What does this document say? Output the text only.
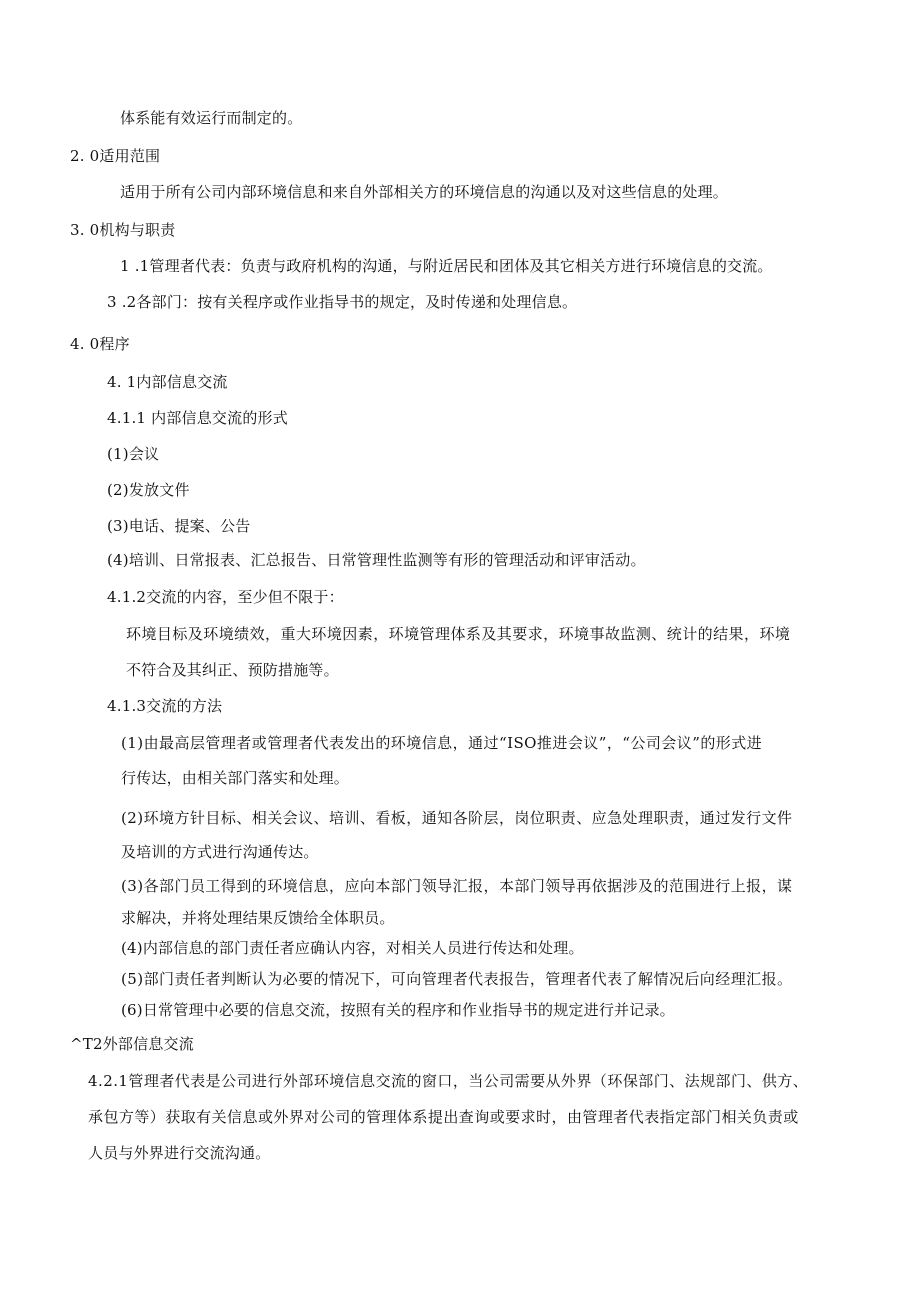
体系能有效运行而制定的。
2. 0适用范围
适用于所有公司内部环境信息和来自外部相关方的环境信息的沟通以及对这些信息的处理。
3. 0机构与职责
1 .1管理者代表：负责与政府机构的沟通，与附近居民和团体及其它相关方进行环境信息的交流。
3 .2各部门：按有关程序或作业指导书的规定，及时传递和处理信息。
4. 0程序
4. 1内部信息交流
4.1.1 内部信息交流的形式
(1)会议
(2)发放文件
(3)电话、提案、公告
(4)培训、日常报表、汇总报告、日常管理性监测等有形的管理活动和评审活动。
4.1.2交流的内容，至少但不限于：
环境目标及环境绩效，重大环境因素，环境管理体系及其要求，环境事故监测、统计的结果，环境
不符合及其纠正、预防措施等。
4.1.3交流的方法
(1)由最高层管理者或管理者代表发出的环境信息，通过“ISO推进会议”，“公司会议”的形式进
行传达，由相关部门落实和处理。
(2)环境方针目标、相关会议、培训、看板，通知各阶层，岗位职责、应急处理职责，通过发行文件
及培训的方式进行沟通传达。
(3)各部门员工得到的环境信息，应向本部门领导汇报，本部门领导再依据涉及的范围进行上报，谋
求解决，并将处理结果反馈给全体职员。
(4)内部信息的部门责任者应确认内容，对相关人员进行传达和处理。
(5)部门责任者判断认为必要的情况下，可向管理者代表报告，管理者代表了解情况后向经理汇报。
(6)日常管理中必要的信息交流，按照有关的程序和作业指导书的规定进行并记录。
^T2外部信息交流
4.2.1管理者代表是公司进行外部环境信息交流的窗口，当公司需要从外界（环保部门、法规部门、供方、
承包方等）获取有关信息或外界对公司的管理体系提出查询或要求时，由管理者代表指定部门相关负责或
人员与外界进行交流沟通。
